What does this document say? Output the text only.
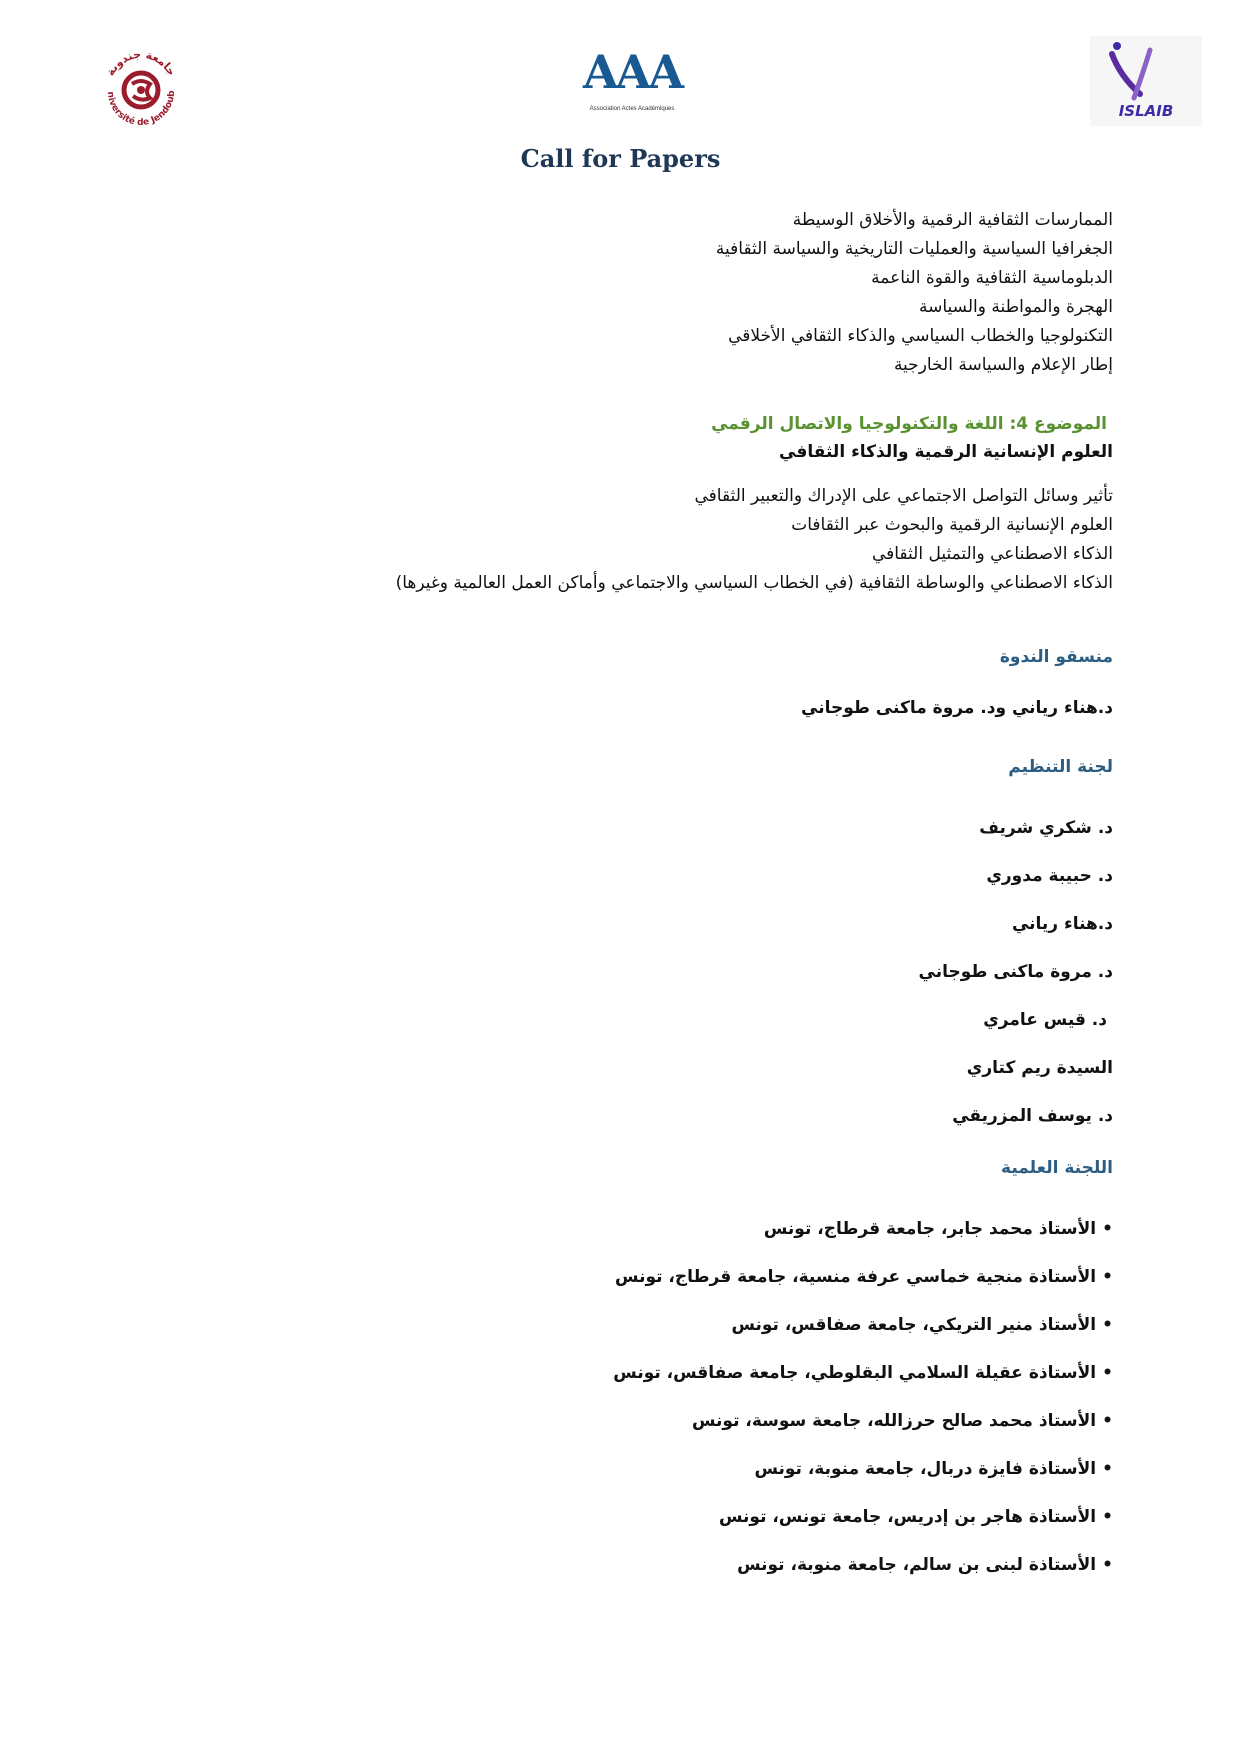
جامعة جندوبة
niversité de Jendoub	AAA
Association Actes Académiques	ISLAIB
Call for Papers
الممارسات الثقافية الرقمية والأخلاق الوسيطة
الجغرافيا السياسية والعمليات التاريخية والسياسة الثقافية
الدبلوماسية الثقافية والقوة الناعمة
الهجرة والمواطنة والسياسة
التكنولوجيا والخطاب السياسي والذكاء الثقافي الأخلاقي
إطار الإعلام والسياسة الخارجية
الموضوع 4: اللغة والتكنولوجيا والاتصال الرقمي
العلوم الإنسانية الرقمية والذكاء الثقافي
تأثير وسائل التواصل الاجتماعي على الإدراك والتعبير الثقافي
العلوم الإنسانية الرقمية والبحوث عبر الثقافات
الذكاء الاصطناعي والتمثيل الثقافي
الذكاء الاصطناعي والوساطة الثقافية (في الخطاب السياسي والاجتماعي وأماكن العمل العالمية وغيرها)
منسقو الندوة
د.هناء رياني ود. مروة ماكنى طوجاني
لجنة التنظيم
د. شكري شريف
د. حبيبة مدوري
د.هناء رياني
د. مروة ماكنى طوجاني
د. قيس عامري
السيدة ريم كتاري
د. يوسف المزريقي
اللجنة العلمية
• الأستاذ محمد جابر، جامعة قرطاج، تونس
• الأستاذة منجية خماسي عرفة منسية، جامعة قرطاج، تونس
• الأستاذ منير التريكي، جامعة صفاقس، تونس
• الأستاذة عقيلة السلامي البقلوطي، جامعة صفاقس، تونس
• الأستاذ محمد صالح حرزالله، جامعة سوسة، تونس
• الأستاذة فايزة دربال، جامعة منوبة، تونس
• الأستاذة هاجر بن إدريس، جامعة تونس، تونس
• الأستاذة لبنى بن سالم، جامعة منوبة، تونس
